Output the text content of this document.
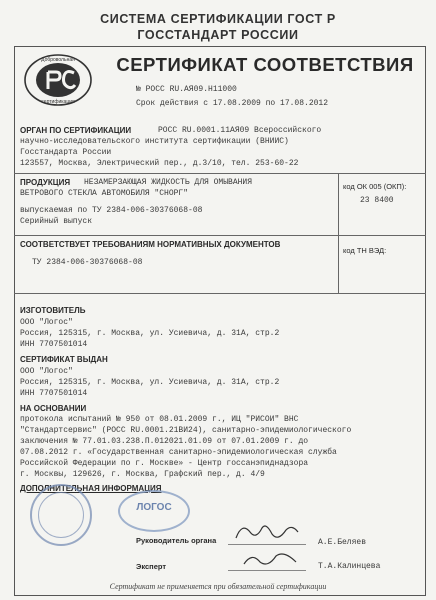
СИСТЕМА СЕРТИФИКАЦИИ ГОСТ Р
ГОССТАНДАРТ РОССИИ
Добровольная
сертификация
СЕРТИФИКАТ СООТВЕТСТВИЯ
№ РОСС RU.АЯ09.Н11000
Срок действия с 17.08.2009 по 17.08.2012
ОРГАН ПО СЕРТИФИКАЦИИ	РОСС RU.0001.11АЯ09 Всероссийского
научно-исследовательского института сертификации (ВНИИС)
Госстандарта России
123557, Москва, Электрический пер., д.3/10, тел. 253-60-22
ПРОДУКЦИЯ НЕЗАМЕРЗАЮЩАЯ ЖИДКОСТЬ ДЛЯ ОМЫВАНИЯ
ВЕТРОВОГО СТЕКЛА АВТОМОБИЛЯ "СНОРГ"
выпускаемая по ТУ 2384-006-30376068-08
Серийный выпуск
код ОК 005 (ОКП):
23 8400
СООТВЕТСТВУЕТ ТРЕБОВАНИЯМ НОРМАТИВНЫХ ДОКУМЕНТОВ
ТУ 2384-006-30376068-08
код ТН ВЭД:
ИЗГОТОВИТЕЛЬ
ООО "Логос"
Россия, 125315, г. Москва, ул. Усиевича, д. 31А, стр.2
ИНН 7707501014
СЕРТИФИКАТ ВЫДАН
ООО "Логос"
Россия, 125315, г. Москва, ул. Усиевича, д. 31А, стр.2
ИНН 7707501014
НА ОСНОВАНИИ
протокола испытаний № 950 от 08.01.2009 г., ИЦ "РИСОИ" ВНС
"Стандартсервис" (РОСС RU.0001.21ВИ24), санитарно-эпидемиологического
заключения № 77.01.03.238.П.012021.01.09 от 07.01.2009 г. до
07.08.2012 г. «Государственная санитарно-эпидемиологическая служба
Российской Федерации по г. Москве» - Центр госсанэпиднадзора
г. Москвы, 129626, г. Москва, Графский пер., д. 4/9
ДОПОЛНИТЕЛЬНАЯ ИНФОРМАЦИЯ
ЛОГОС
Руководитель органа	А.Е.Беляев
Эксперт	Т.А.Калинцева
Сертификат не применяется при обязательной сертификации
